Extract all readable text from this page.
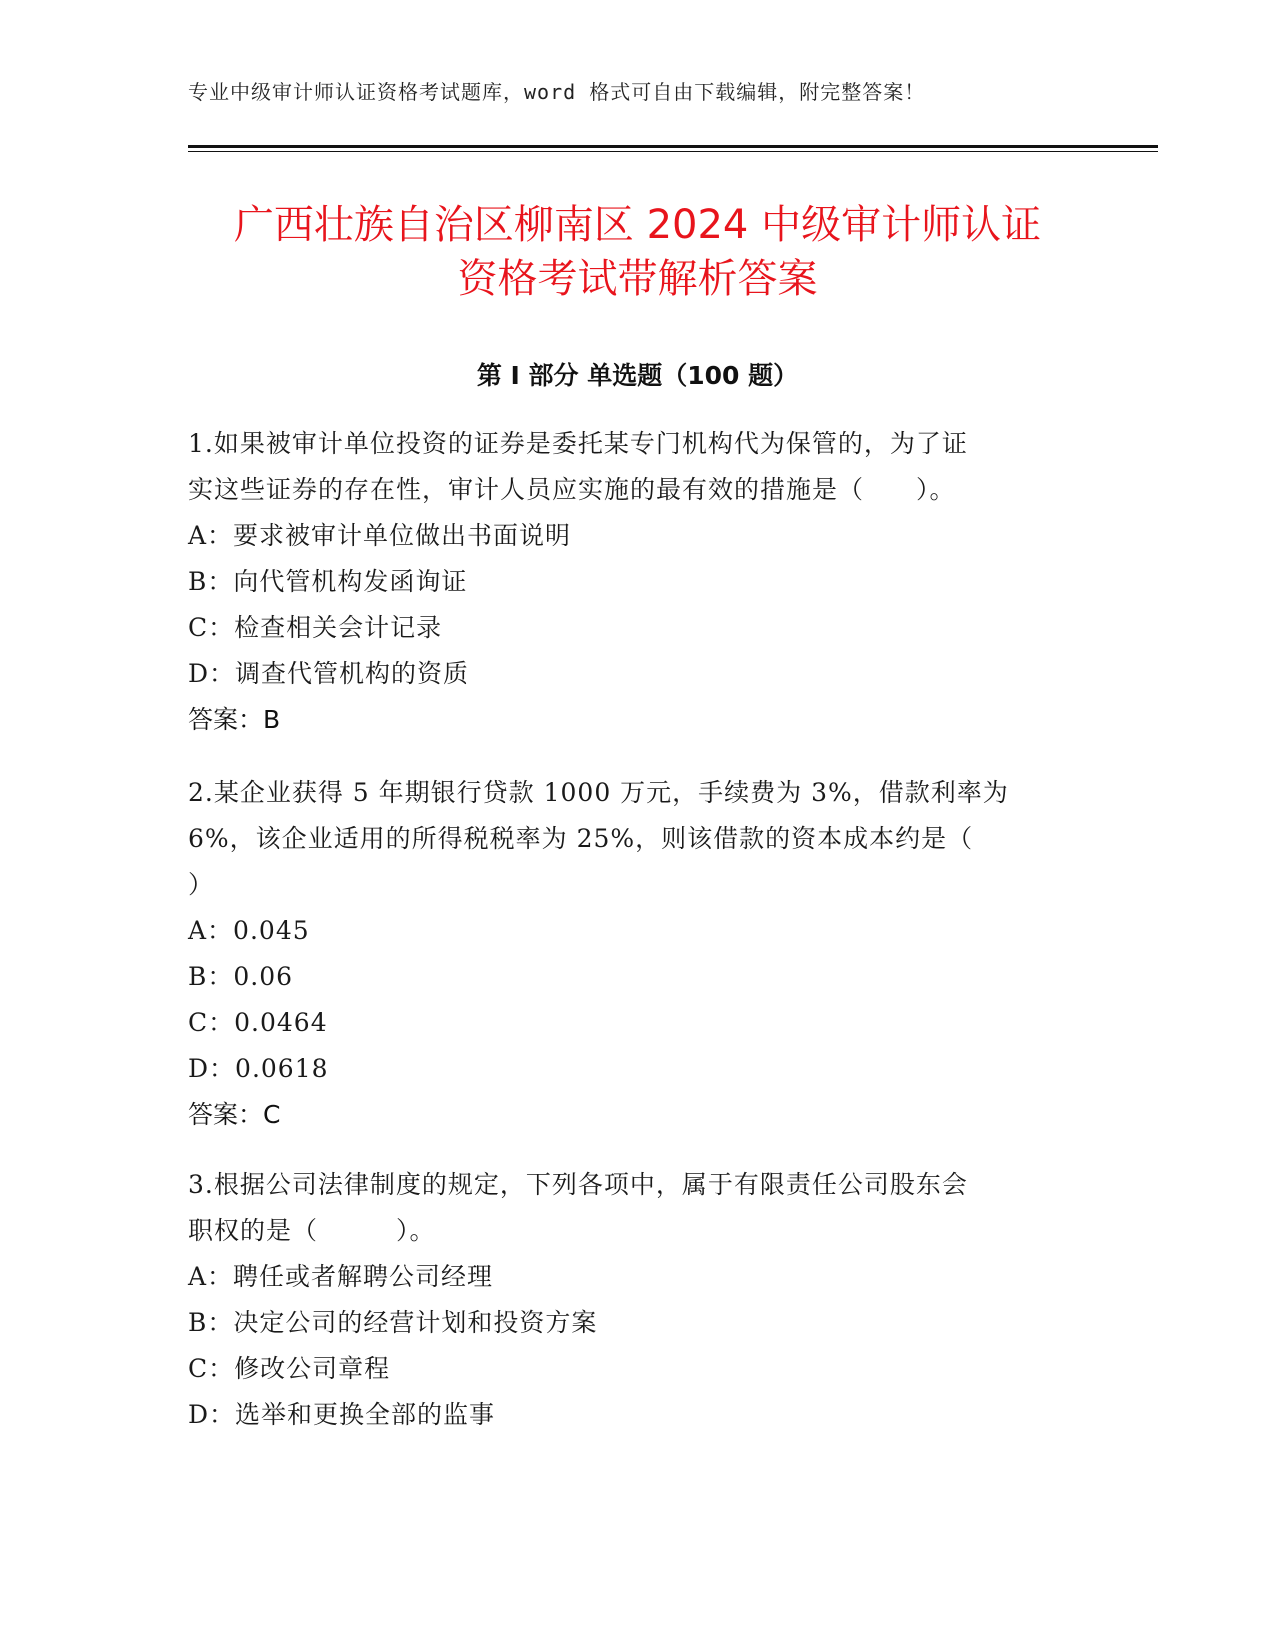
专业中级审计师认证资格考试题库，word 格式可自由下载编辑，附完整答案！
广西壮族自治区柳南区 2024 中级审计师认证
资格考试带解析答案
第 I 部分 单选题（100 题）

1.如果被审计单位投资的证券是委托某专门机构代为保管的，为了证

实这些证券的存在性，审计人员应实施的最有效的措施是（　　）。

A：要求被审计单位做出书面说明

B：向代管机构发函询证

C：检查相关会计记录

D：调查代管机构的资质

答案：B

2.某企业获得 5 年期银行贷款 1000 万元，手续费为 3%，借款利率为

6%，该企业适用的所得税税率为 25%，则该借款的资本成本约是（

）

A：0.045

B：0.06

C：0.0464

D：0.0618

答案：C

3.根据公司法律制度的规定，下列各项中，属于有限责任公司股东会

职权的是（　　　）。

A：聘任或者解聘公司经理

B：决定公司的经营计划和投资方案

C：修改公司章程

D：选举和更换全部的监事
